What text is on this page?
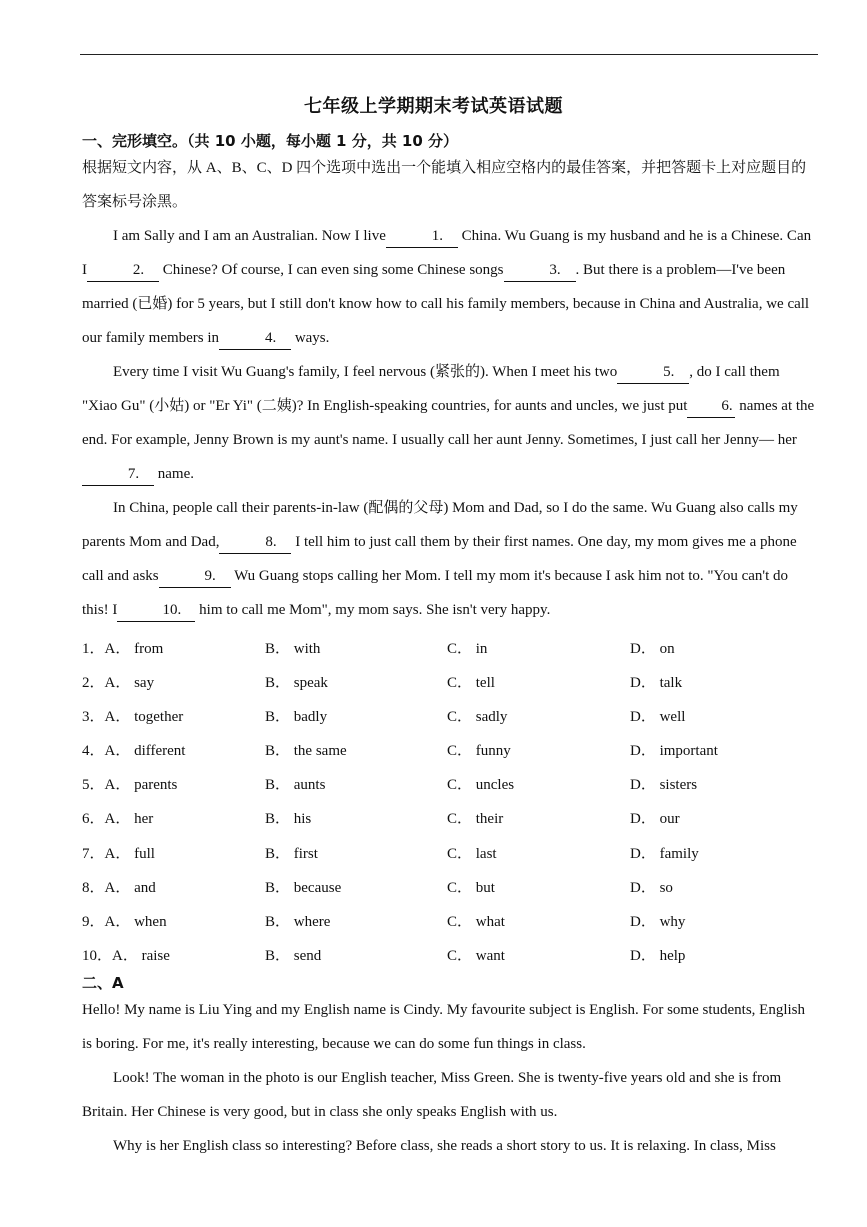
七年级上学期期末考试英语试题
一、完形填空。（共 10 小题，每小题 1 分，共 10 分）

根据短文内容，从 A、B、C、D 四个选项中选出一个能填入相应空格内的最佳答案，并把答题卡上对应题目的答案标号涂黑。

I am Sally and I am an Australian. Now I live	1. China. Wu Guang is my husband and he is a Chinese. Can I	2. Chinese? Of course, I can even sing some Chinese songs	3. . But there is a problem—I've been married (已婚) for 5 years, but I still don't know how to call his family members, because in China and Australia, we call our family members in	4. ways.

Every time I visit Wu Guang's family, I feel nervous (紧张的). When I meet his two	5. , do I call them "Xiao Gu" (小姑) or "Er Yi" (二姨)? In English-speaking countries, for aunts and uncles, we just put 6. names at the end. For example, Jenny Brown is my aunt's name. I usually call her aunt Jenny. Sometimes, I just call her Jenny— her7. name.

In China, people call their parents-in-law (配偶的父母) Mom and Dad, so I do the same. Wu Guang also calls my parents Mom and Dad,	8. I tell him to just call them by their first names. One day, my mom gives me a phone call and asks	9. Wu Guang stops calling her Mom. I tell my mom it's because I ask him not to. "You can't do this! I	10. him to call me Mom", my mom says. She isn't very happy.

1．A． from	B． with	C． in	D． on
2．A． say	B． speak	C． tell	D． talk
3．A． together	B． badly	C． sadly	D． well
4．A． different	B． the same	C． funny	D． important
5．A． parents	B． aunts	C． uncles	D． sisters
6．A． her	B． his	C． their	D． our
7．A． full	B． first	C． last	D． family
8．A． and	B． because	C． but	D． so
9．A． when	B． where	C． what	D． why
10．A． raise	B． send	C． want	D． help
二、A

Hello! My name is Liu Ying and my English name is Cindy. My favourite subject is English. For some students, English is boring. For me, it's really interesting, because we can do some fun things in class.

Look! The woman in the photo is our English teacher, Miss Green. She is twenty-five years old and she is from Britain. Her Chinese is very good, but in class she only speaks English with us.

Why is her English class so interesting? Before class, she reads a short story to us. It is relaxing. In class, Miss
